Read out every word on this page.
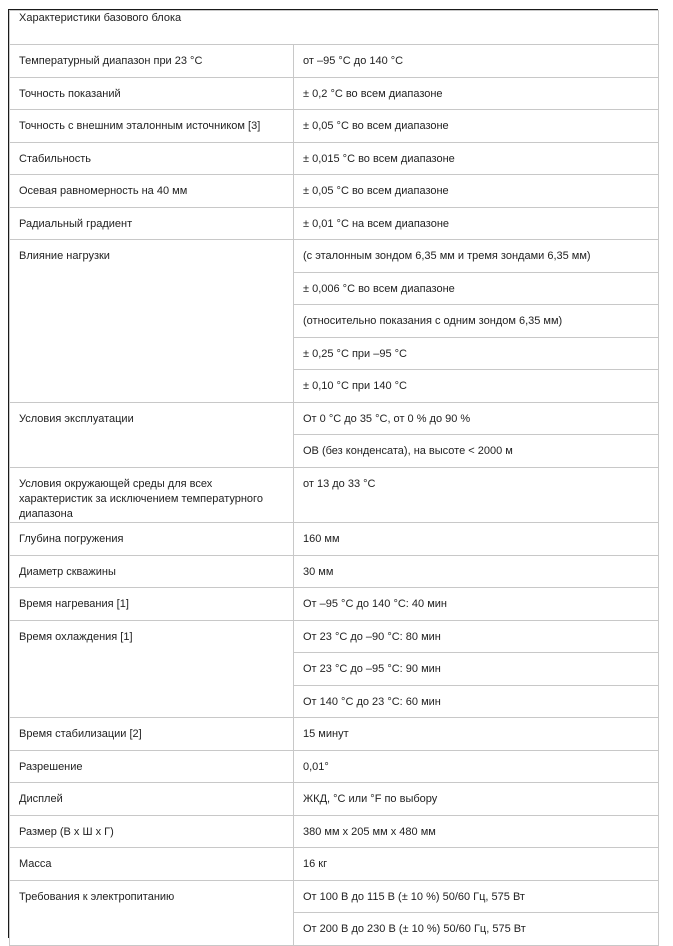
Характеристики базового блока	

Температурный диапазон при 23 °С	от –95 °С до 140 °С

Точность показаний	± 0,2 °С во всем диапазоне

Точность с внешним эталонным источником [3]	± 0,05 °С во всем диапазоне

Стабильность	± 0,015 °С во всем диапазоне

Осевая равномерность на 40 мм	± 0,05 °С во всем диапазоне

Радиальный градиент	± 0,01 °С на всем диапазоне

Влияние нагрузки	(с эталонным зондом 6,35 мм и тремя зондами 6,35 мм)

	± 0,006 °С во всем диапазоне

	(относительно показания с одним зондом 6,35 мм)

	± 0,25 °С при –95 °С

	± 0,10 °С при 140 °С

Условия эксплуатации	От 0 °С до 35 °С, от 0 % до 90 %

	ОВ (без конденсата), на высоте < 2000 м

Условия окружающей среды для всех характеристик за исключением температурного диапазона	от 13 до 33 °С

Глубина погружения	160 мм

Диаметр скважины	30 мм

Время нагревания [1]	От –95 °С до 140 °С: 40 мин

Время охлаждения [1]	От 23 °С до –90 °С: 80 мин

	От 23 °С до –95 °С: 90 мин

	От 140 °С до 23 °С: 60 мин

Время стабилизации [2]	15 минут

Разрешение	0,01°

Дисплей	ЖКД, °С или °F по выбору

Размер (В x Ш x Г)	380 мм x 205 мм x 480 мм

Масса	16 кг

Требования к электропитанию	От 100 В до 115 В (± 10 %) 50/60 Гц, 575 Вт

	От 200 В до 230 В (± 10 %) 50/60 Гц, 575 Вт
